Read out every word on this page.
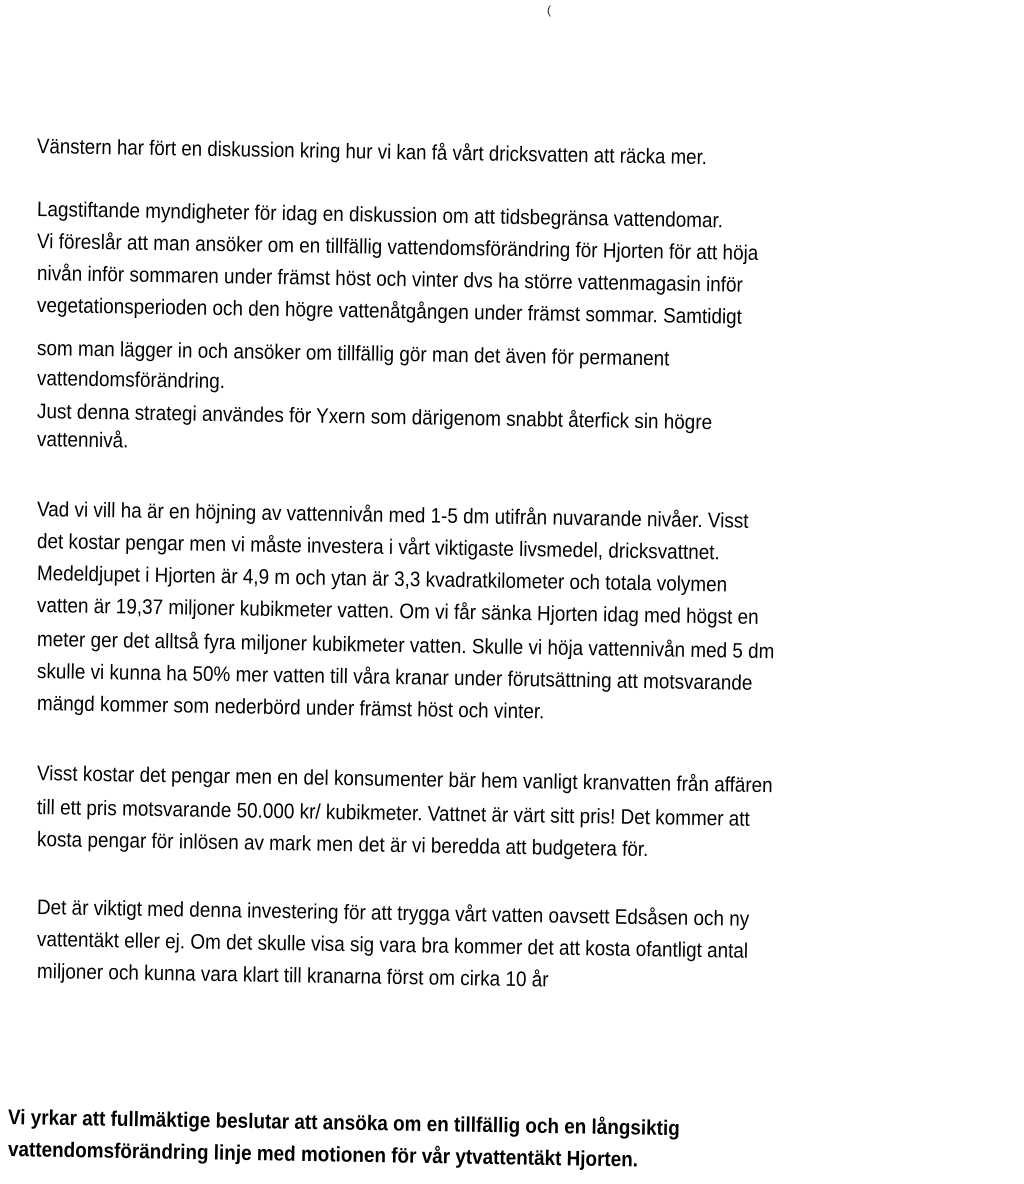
(
Vänstern har fört en diskussion kring hur vi kan få vårt dricksvatten att räcka mer.
Lagstiftande myndigheter för idag en diskussion om att tidsbegränsa vattendomar.
Vi föreslår att man ansöker om en tillfällig vattendomsförändring för Hjorten för att höja
nivån inför sommaren under främst höst och vinter dvs ha större vattenmagasin inför
vegetationsperioden och den högre vattenåtgången under främst sommar. Samtidigt
som man lägger in och ansöker om tillfällig gör man det även för permanent
vattendomsförändring.
Just denna strategi användes för Yxern som därigenom snabbt återfick sin högre
vattennivå.
Vad vi vill ha är en höjning av vattennivån med 1-5 dm utifrån nuvarande nivåer. Visst
det kostar pengar men vi måste investera i vårt viktigaste livsmedel, dricksvattnet.
Medeldjupet i Hjorten är 4,9 m och ytan är 3,3 kvadratkilometer och totala volymen
vatten är 19,37 miljoner kubikmeter vatten. Om vi får sänka Hjorten idag med högst en
meter ger det alltså fyra miljoner kubikmeter vatten. Skulle vi höja vattennivån med 5 dm
skulle vi kunna ha 50% mer vatten till våra kranar under förutsättning att motsvarande
mängd kommer som nederbörd under främst höst och vinter.
Visst kostar det pengar men en del konsumenter bär hem vanligt kranvatten från affären
till ett pris motsvarande 50.000 kr/ kubikmeter. Vattnet är värt sitt pris! Det kommer att
kosta pengar för inlösen av mark men det är vi beredda att budgetera för.
Det är viktigt med denna investering för att trygga vårt vatten oavsett Edsåsen och ny
vattentäkt eller ej. Om det skulle visa sig vara bra kommer det att kosta ofantligt antal
miljoner och kunna vara klart till kranarna först om cirka 10 år
Vi yrkar att fullmäktige beslutar att ansöka om en tillfällig och en långsiktig
vattendomsförändring linje med motionen för vår ytvattentäkt Hjorten.
